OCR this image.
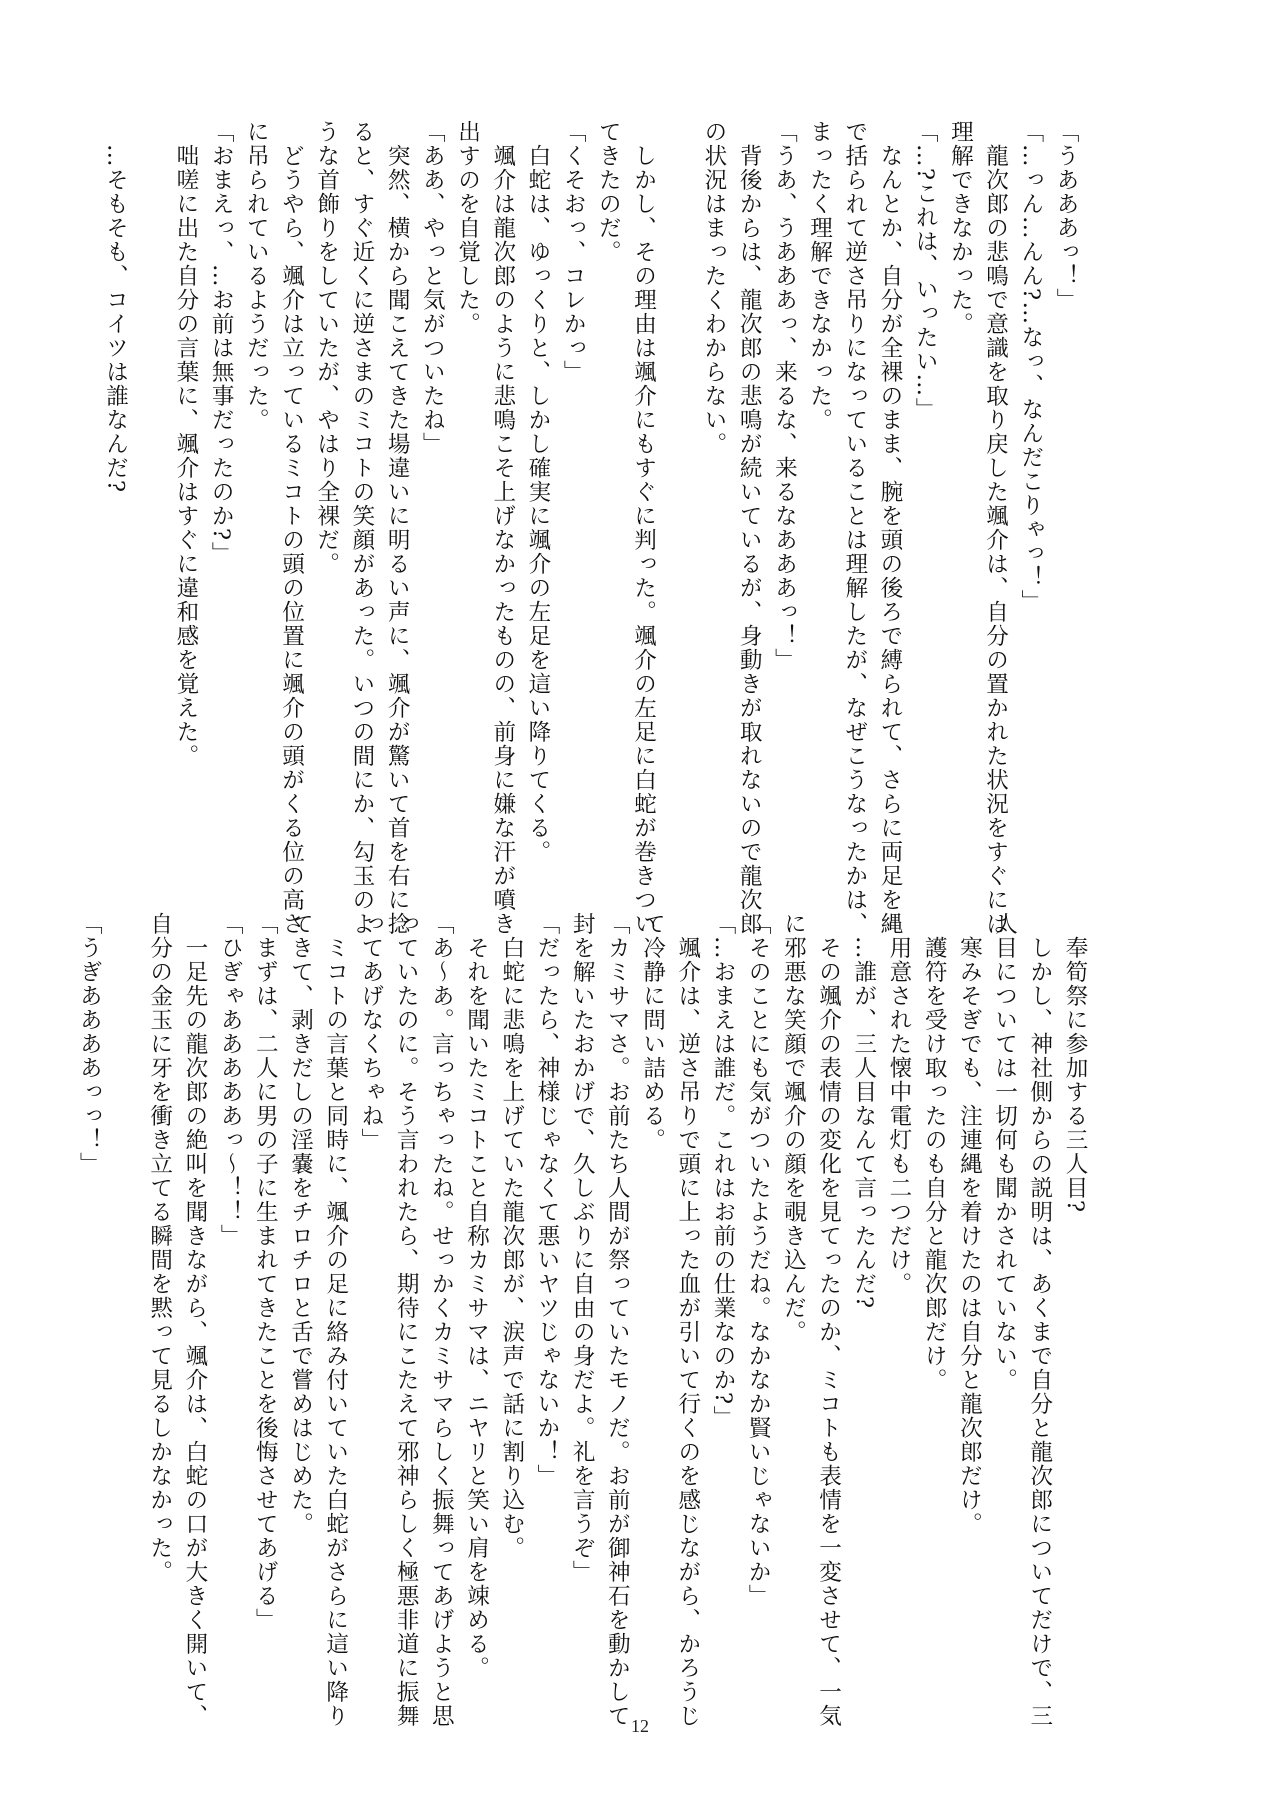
「うあああっ！」
「…っん…んん?…なっ、なんだこりゃっ！」
　龍次郎の悲鳴で意識を取り戻した颯介は、自分の置かれた状況をすぐには
理解できなかった。
「…?これは、いったい…」
　なんとか、自分が全裸のまま、腕を頭の後ろで縛られて、さらに両足を縄
で括られて逆さ吊りになっていることは理解したが、なぜこうなったかは、
まったく理解できなかった。
「うあ、うあああっ、来るな、来るなあああっ！」
　背後からは、龍次郎の悲鳴が続いているが、身動きが取れないので龍次郎
の状況はまったくわからない。

　しかし、その理由は颯介にもすぐに判った。颯介の左足に白蛇が巻きつい
てきたのだ。
「くそおっ、コレかっ」
　白蛇は、ゆっくりと、しかし確実に颯介の左足を這い降りてくる。
　颯介は龍次郎のように悲鳴こそ上げなかったものの、前身に嫌な汗が噴き
出すのを自覚した。
「ああ、やっと気がついたね」
　突然、横から聞こえてきた場違いに明るい声に、颯介が驚いて首を右に捻
ると、すぐ近くに逆さまのミコトの笑顔があった。いつの間にか、勾玉のよ
うな首飾りをしていたが、やはり全裸だ。
　どうやら、颯介は立っているミコトの頭の位置に颯介の頭がくる位の高さ
に吊られているようだった。
「おまえっ、…お前は無事だったのか?」
　咄嗟に出た自分の言葉に、颯介はすぐに違和感を覚えた。

　…そもそも、コイツは誰なんだ?
　奉筍祭に参加する三人目?
　しかし、神社側からの説明は、あくまで自分と龍次郎についてだけで、三
人目については一切何も聞かされていない。
　寒みそぎでも、注連縄を着けたのは自分と龍次郎だけ。
　護符を受け取ったのも自分と龍次郎だけ。
　用意された懐中電灯も二つだけ。
　…誰が、三人目なんて言ったんだ?
　その颯介の表情の変化を見てったのか、ミコトも表情を一変させて、一気
に邪悪な笑顔で颯介の顔を覗き込んだ。
「そのことにも気がついたようだね。なかなか賢いじゃないか」
「…おまえは誰だ。これはお前の仕業なのか?」
　颯介は、逆さ吊りで頭に上った血が引いて行くのを感じながら、かろうじ
て冷静に問い詰める。
「カミサマさ。お前たち人間が祭っていたモノだ。お前が御神石を動かして
封を解いたおかげで、久しぶりに自由の身だよ。礼を言うぞ」
「だったら、神様じゃなくて悪いヤツじゃないか！」
　白蛇に悲鳴を上げていた龍次郎が、涙声で話に割り込む。
　それを聞いたミコトこと自称カミサマは、ニヤリと笑い肩を竦める。
「あ～あ。言っちゃったね。せっかくカミサマらしく振舞ってあげようと思
っていたのに。そう言われたら、期待にこたえて邪神らしく極悪非道に振舞
ってあげなくちゃね」
　ミコトの言葉と同時に、颯介の足に絡み付いていた白蛇がさらに這い降り
てきて、剥きだしの淫嚢をチロチロと舌で嘗めはじめた。
「まずは、二人に男の子に生まれてきたことを後悔させてあげる」
「ひぎゃあああああっ～！！」
　一足先の龍次郎の絶叫を聞きながら、颯介は、白蛇の口が大きく開いて、
自分の金玉に牙を衝き立てる瞬間を黙って見るしかなかった。

「うぎああああっっ！」
12
